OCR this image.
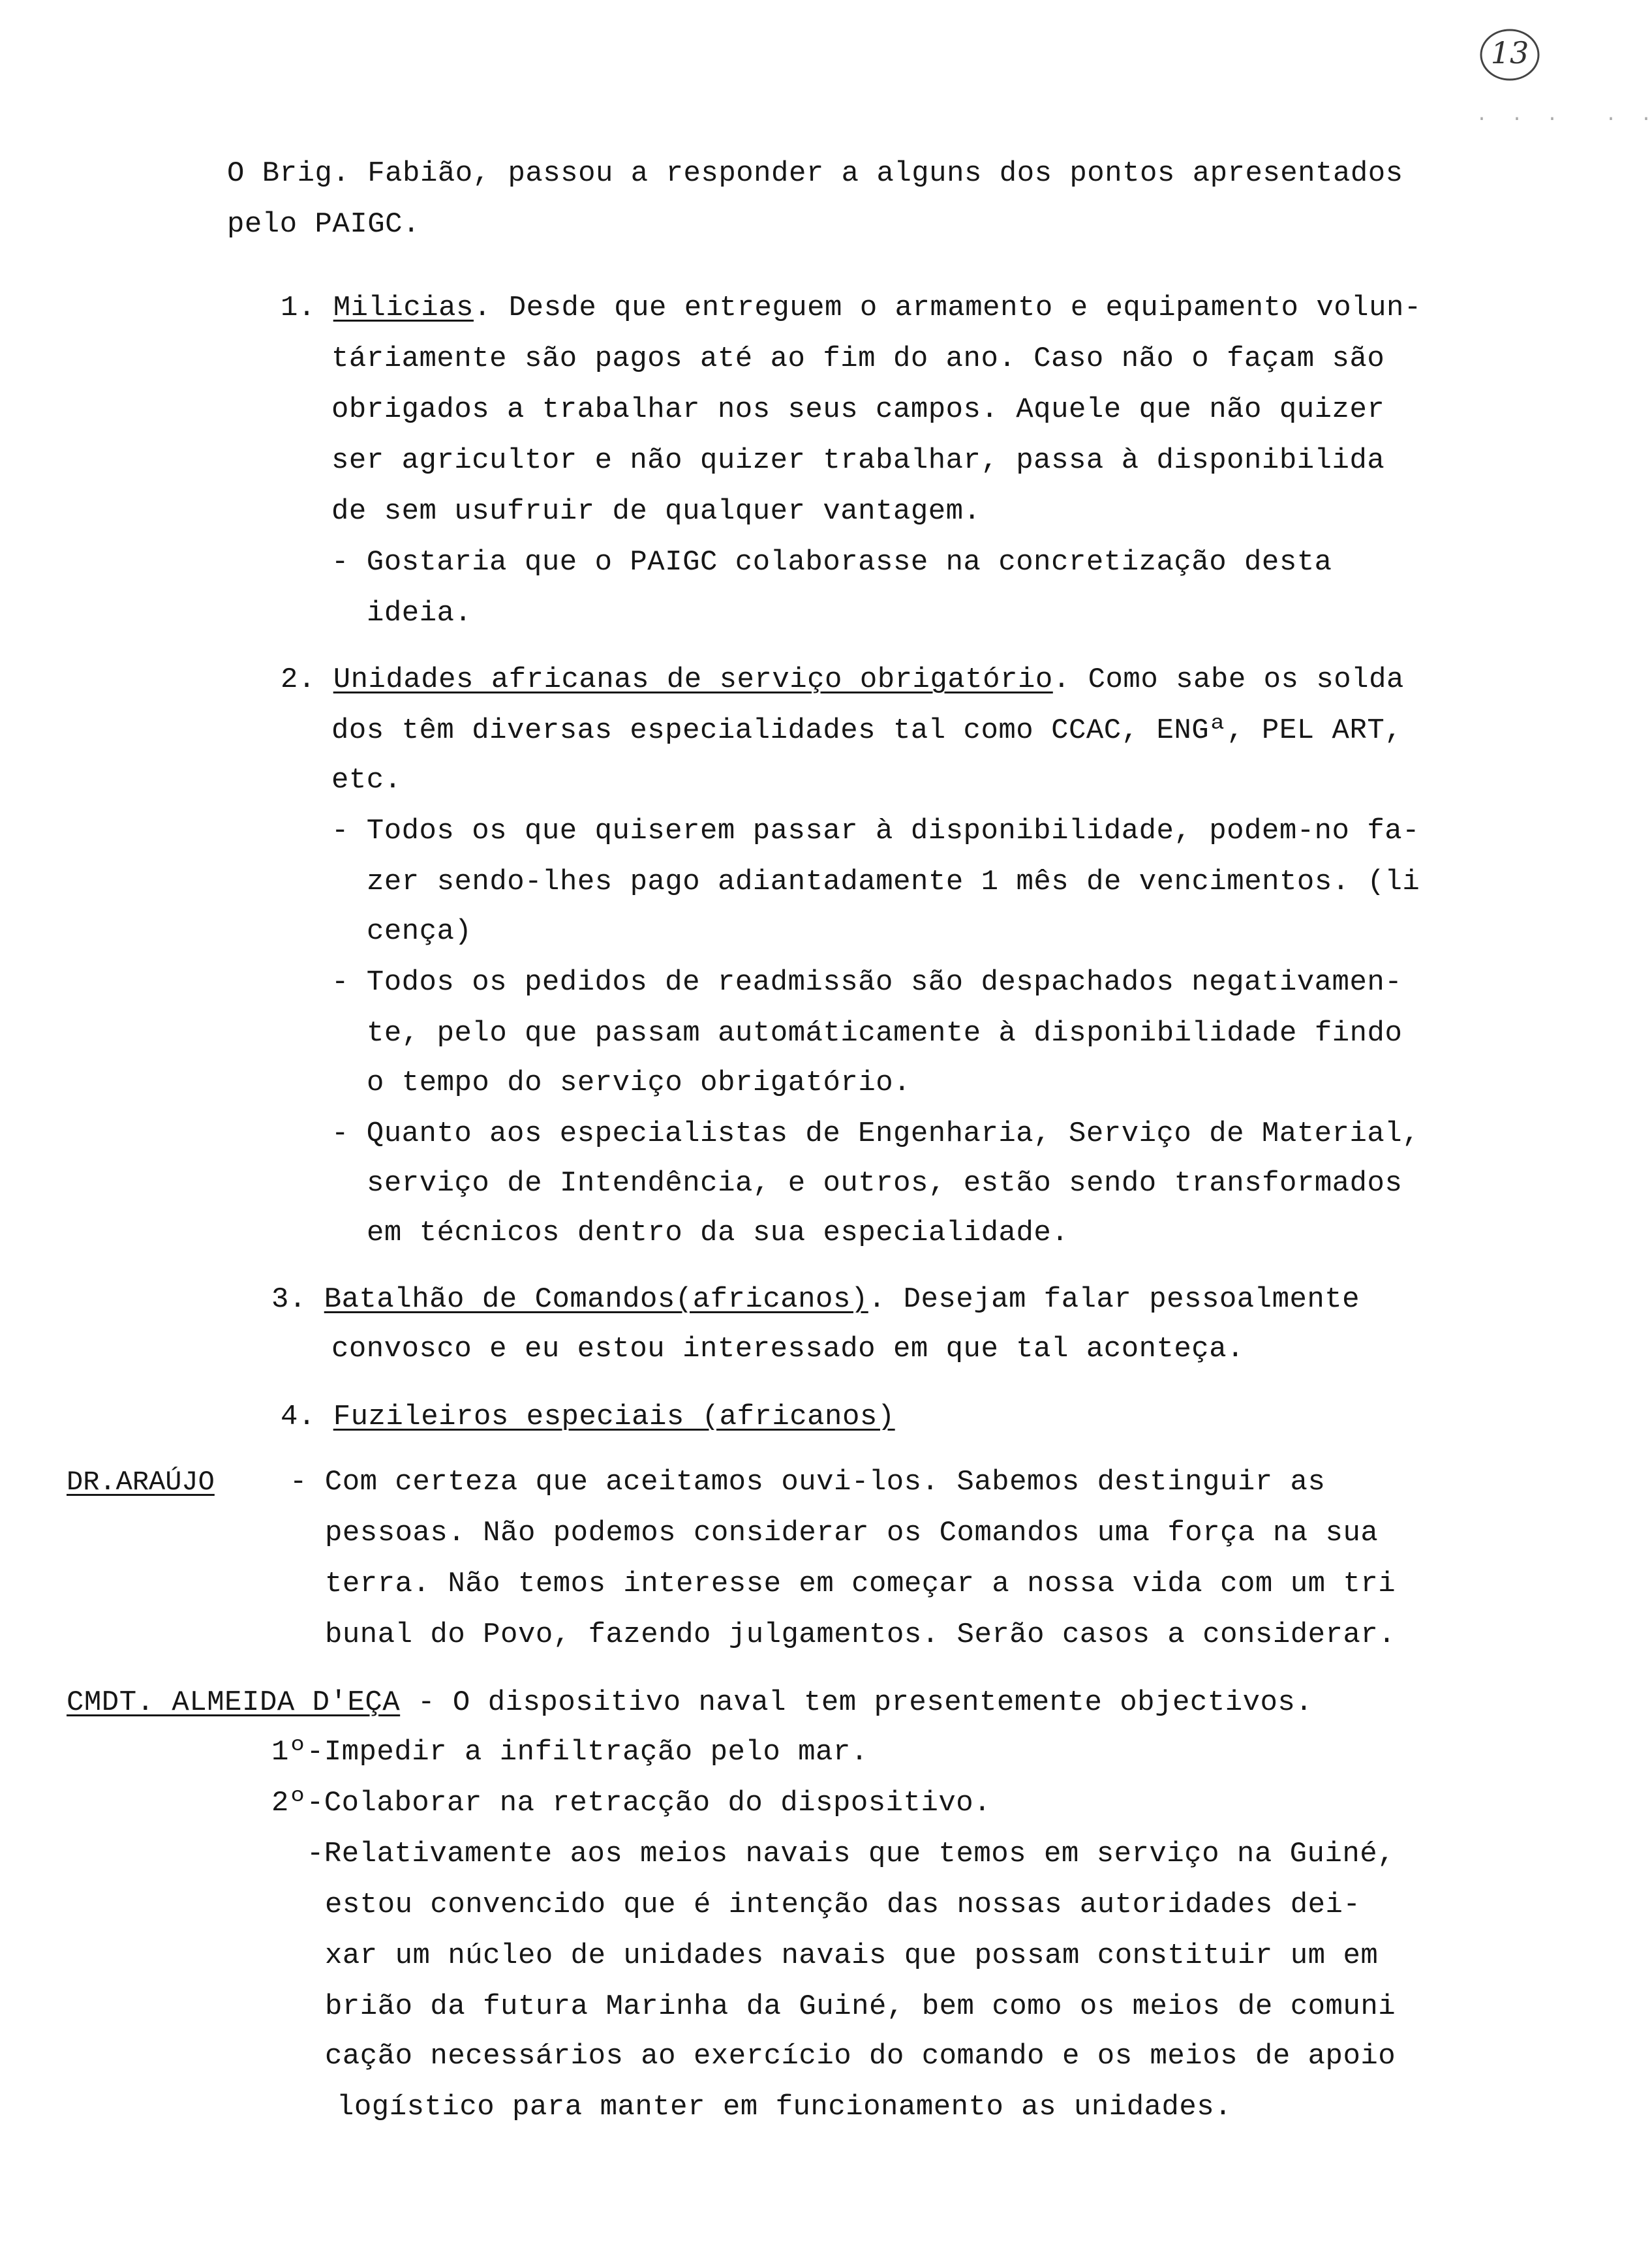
13
.  .  .    .  .
O Brig. Fabião, passou a responder a alguns dos pontos apresentados
pelo PAIGC.
1. Milicias. Desde que entreguem o armamento e equipamento volun-
táriamente são pagos até ao fim do ano. Caso não o façam são
obrigados a trabalhar nos seus campos. Aquele que não quizer
ser agricultor e não quizer trabalhar, passa à disponibilida
de sem usufruir de qualquer vantagem.
- Gostaria que o PAIGC colaborasse na concretização desta
ideia.
2. Unidades africanas de serviço obrigatório. Como sabe os solda
dos têm diversas especialidades tal como CCAC, ENGª, PEL ART,
etc.
- Todos os que quiserem passar à disponibilidade, podem-no fa-
zer sendo-lhes pago adiantadamente 1 mês de vencimentos. (li
cença)
- Todos os pedidos de readmissão são despachados negativamen-
te, pelo que passam automáticamente à disponibilidade findo
o tempo do serviço obrigatório.
- Quanto aos especialistas de Engenharia, Serviço de Material,
serviço de Intendência, e outros, estão sendo transformados
em técnicos dentro da sua especialidade.
3. Batalhão de Comandos(africanos). Desejam falar pessoalmente
convosco e eu estou interessado em que tal aconteça.
4. Fuzileiros especiais (africanos)
DR.ARAÚJO	- Com certeza que aceitamos ouvi-los. Sabemos destinguir as
pessoas. Não podemos considerar os Comandos uma força na sua
terra. Não temos interesse em começar a nossa vida com um tri
bunal do Povo, fazendo julgamentos. Serão casos a considerar.
CMDT. ALMEIDA D'EÇA - O dispositivo naval tem presentemente objectivos.
1º-Impedir a infiltração pelo mar.
2º-Colaborar na retracção do dispositivo.
-Relativamente aos meios navais que temos em serviço na Guiné,
estou convencido que é intenção das nossas autoridades dei-
xar um núcleo de unidades navais que possam constituir um em
brião da futura Marinha da Guiné, bem como os meios de comuni
cação necessários ao exercício do comando e os meios de apoio
logístico para manter em funcionamento as unidades.
